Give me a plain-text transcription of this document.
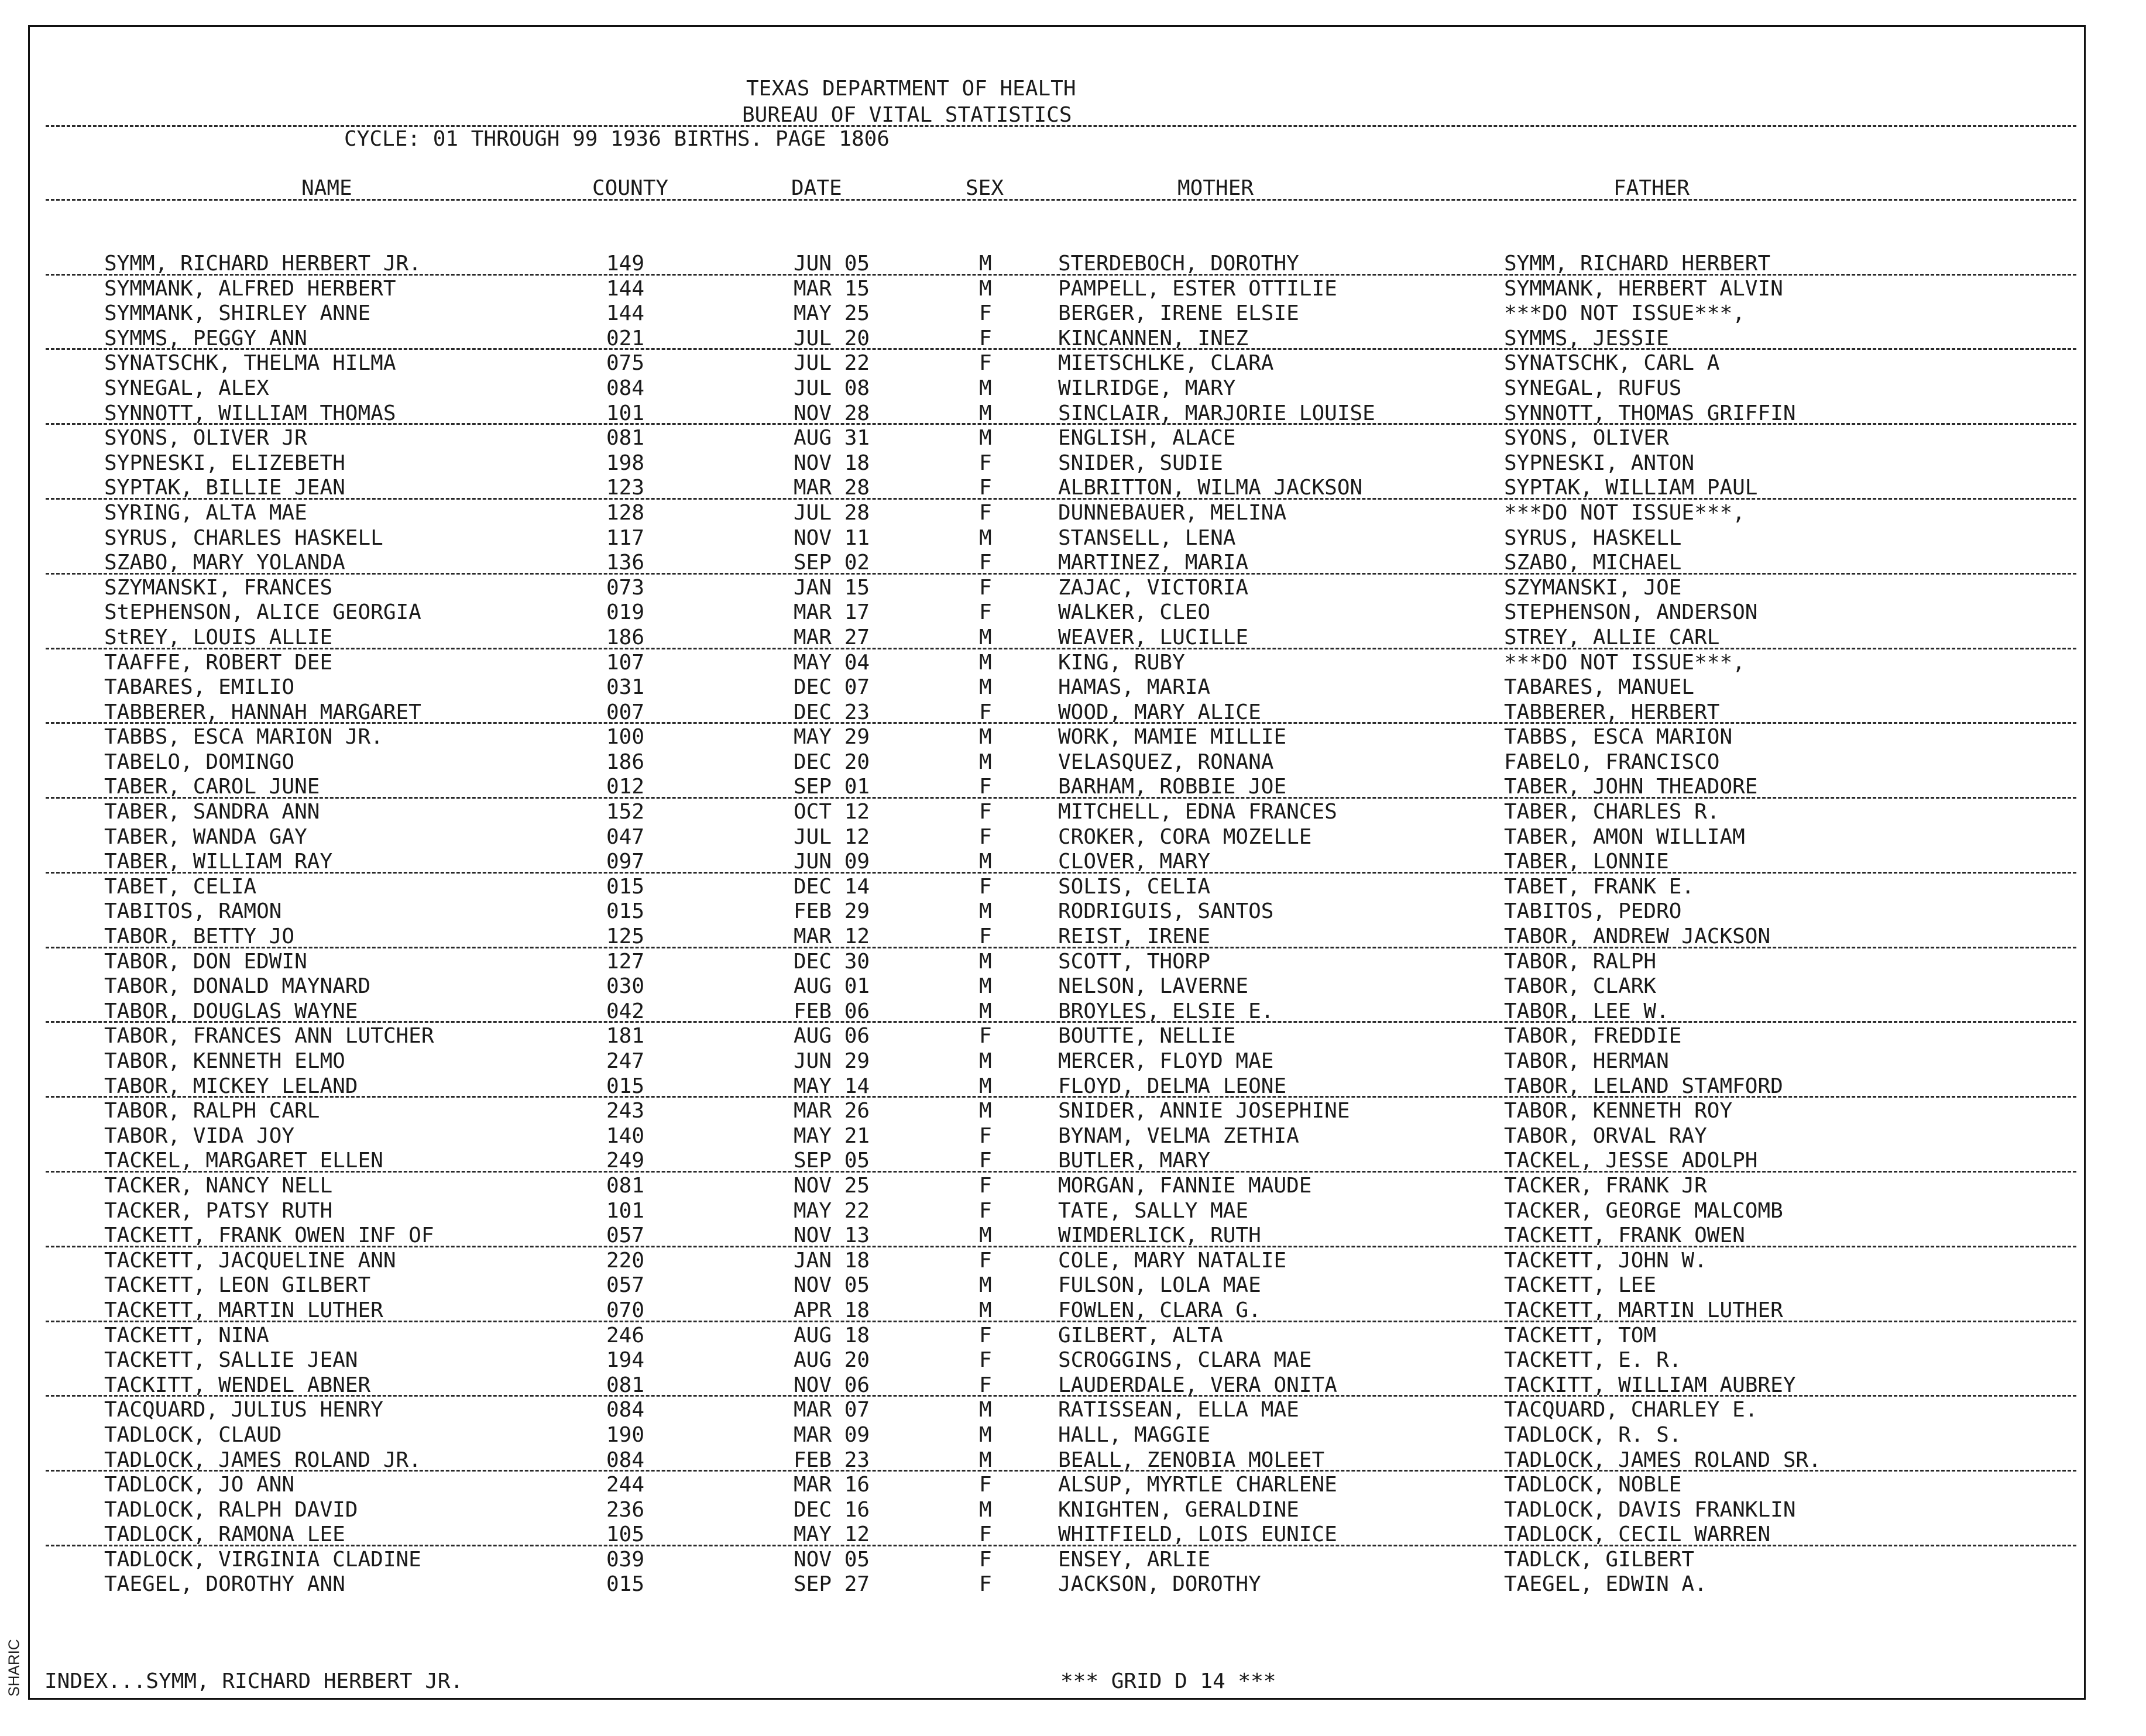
SHARIC
TEXAS DEPARTMENT OF HEALTH
BUREAU OF VITAL STATISTICS
CYCLE: 01 THROUGH 99 1936 BIRTHS. PAGE 1806
NAME	COUNTY	DATE	SEX	MOTHER	FATHER
SYMM, RICHARD HERBERT JR.	149	JUN 05	M	STERDEBOCH, DOROTHY	SYMM, RICHARD HERBERT
SYMMANK, ALFRED HERBERT	144	MAR 15	M	PAMPELL, ESTER OTTILIE	SYMMANK, HERBERT ALVIN
SYMMANK, SHIRLEY ANNE	144	MAY 25	F	BERGER, IRENE ELSIE	***DO NOT ISSUE***,
SYMMS, PEGGY ANN	021	JUL 20	F	KINCANNEN, INEZ	SYMMS, JESSIE
SYNATSCHK, THELMA HILMA	075	JUL 22	F	MIETSCHLKE, CLARA	SYNATSCHK, CARL A
SYNEGAL, ALEX	084	JUL 08	M	WILRIDGE, MARY	SYNEGAL, RUFUS
SYNNOTT, WILLIAM THOMAS	101	NOV 28	M	SINCLAIR, MARJORIE LOUISE	SYNNOTT, THOMAS GRIFFIN
SYONS, OLIVER JR	081	AUG 31	M	ENGLISH, ALACE	SYONS, OLIVER
SYPNESKI, ELIZEBETH	198	NOV 18	F	SNIDER, SUDIE	SYPNESKI, ANTON
SYPTAK, BILLIE JEAN	123	MAR 28	F	ALBRITTON, WILMA JACKSON	SYPTAK, WILLIAM PAUL
SYRING, ALTA MAE	128	JUL 28	F	DUNNEBAUER, MELINA	***DO NOT ISSUE***,
SYRUS, CHARLES HASKELL	117	NOV 11	M	STANSELL, LENA	SYRUS, HASKELL
SZABO, MARY YOLANDA	136	SEP 02	F	MARTINEZ, MARIA	SZABO, MICHAEL
SZYMANSKI, FRANCES	073	JAN 15	F	ZAJAC, VICTORIA	SZYMANSKI, JOE
StEPHENSON, ALICE GEORGIA	019	MAR 17	F	WALKER, CLEO	STEPHENSON, ANDERSON
StREY, LOUIS ALLIE	186	MAR 27	M	WEAVER, LUCILLE	STREY, ALLIE CARL
TAAFFE, ROBERT DEE	107	MAY 04	M	KING, RUBY	***DO NOT ISSUE***,
TABARES, EMILIO	031	DEC 07	M	HAMAS, MARIA	TABARES, MANUEL
TABBERER, HANNAH MARGARET	007	DEC 23	F	WOOD, MARY ALICE	TABBERER, HERBERT
TABBS, ESCA MARION JR.	100	MAY 29	M	WORK, MAMIE MILLIE	TABBS, ESCA MARION
TABELO, DOMINGO	186	DEC 20	M	VELASQUEZ, RONANA	FABELO, FRANCISCO
TABER, CAROL JUNE	012	SEP 01	F	BARHAM, ROBBIE JOE	TABER, JOHN THEADORE
TABER, SANDRA ANN	152	OCT 12	F	MITCHELL, EDNA FRANCES	TABER, CHARLES R.
TABER, WANDA GAY	047	JUL 12	F	CROKER, CORA MOZELLE	TABER, AMON WILLIAM
TABER, WILLIAM RAY	097	JUN 09	M	CLOVER, MARY	TABER, LONNIE
TABET, CELIA	015	DEC 14	F	SOLIS, CELIA	TABET, FRANK E.
TABITOS, RAMON	015	FEB 29	M	RODRIGUIS, SANTOS	TABITOS, PEDRO
TABOR, BETTY JO	125	MAR 12	F	REIST, IRENE	TABOR, ANDREW JACKSON
TABOR, DON EDWIN	127	DEC 30	M	SCOTT, THORP	TABOR, RALPH
TABOR, DONALD MAYNARD	030	AUG 01	M	NELSON, LAVERNE	TABOR, CLARK
TABOR, DOUGLAS WAYNE	042	FEB 06	M	BROYLES, ELSIE E.	TABOR, LEE W.
TABOR, FRANCES ANN LUTCHER	181	AUG 06	F	BOUTTE, NELLIE	TABOR, FREDDIE
TABOR, KENNETH ELMO	247	JUN 29	M	MERCER, FLOYD MAE	TABOR, HERMAN
TABOR, MICKEY LELAND	015	MAY 14	M	FLOYD, DELMA LEONE	TABOR, LELAND STAMFORD
TABOR, RALPH CARL	243	MAR 26	M	SNIDER, ANNIE JOSEPHINE	TABOR, KENNETH ROY
TABOR, VIDA JOY	140	MAY 21	F	BYNAM, VELMA ZETHIA	TABOR, ORVAL RAY
TACKEL, MARGARET ELLEN	249	SEP 05	F	BUTLER, MARY	TACKEL, JESSE ADOLPH
TACKER, NANCY NELL	081	NOV 25	F	MORGAN, FANNIE MAUDE	TACKER, FRANK JR
TACKER, PATSY RUTH	101	MAY 22	F	TATE, SALLY MAE	TACKER, GEORGE MALCOMB
TACKETT, FRANK OWEN INF OF	057	NOV 13	M	WIMDERLICK, RUTH	TACKETT, FRANK OWEN
TACKETT, JACQUELINE ANN	220	JAN 18	F	COLE, MARY NATALIE	TACKETT, JOHN W.
TACKETT, LEON GILBERT	057	NOV 05	M	FULSON, LOLA MAE	TACKETT, LEE
TACKETT, MARTIN LUTHER	070	APR 18	M	FOWLEN, CLARA G.	TACKETT, MARTIN LUTHER
TACKETT, NINA	246	AUG 18	F	GILBERT, ALTA	TACKETT, TOM
TACKETT, SALLIE JEAN	194	AUG 20	F	SCROGGINS, CLARA MAE	TACKETT, E. R.
TACKITT, WENDEL ABNER	081	NOV 06	F	LAUDERDALE, VERA ONITA	TACKITT, WILLIAM AUBREY
TACQUARD, JULIUS HENRY	084	MAR 07	M	RATISSEAN, ELLA MAE	TACQUARD, CHARLEY E.
TADLOCK, CLAUD	190	MAR 09	M	HALL, MAGGIE	TADLOCK, R. S.
TADLOCK, JAMES ROLAND JR.	084	FEB 23	M	BEALL, ZENOBIA MOLEET	TADLOCK, JAMES ROLAND SR.
TADLOCK, JO ANN	244	MAR 16	F	ALSUP, MYRTLE CHARLENE	TADLOCK, NOBLE
TADLOCK, RALPH DAVID	236	DEC 16	M	KNIGHTEN, GERALDINE	TADLOCK, DAVIS FRANKLIN
TADLOCK, RAMONA LEE	105	MAY 12	F	WHITFIELD, LOIS EUNICE	TADLOCK, CECIL WARREN
TADLOCK, VIRGINIA CLADINE	039	NOV 05	F	ENSEY, ARLIE	TADLCK, GILBERT
TAEGEL, DOROTHY ANN	015	SEP 27	F	JACKSON, DOROTHY	TAEGEL, EDWIN A.
INDEX...SYMM, RICHARD HERBERT JR.	*** GRID D 14 ***
